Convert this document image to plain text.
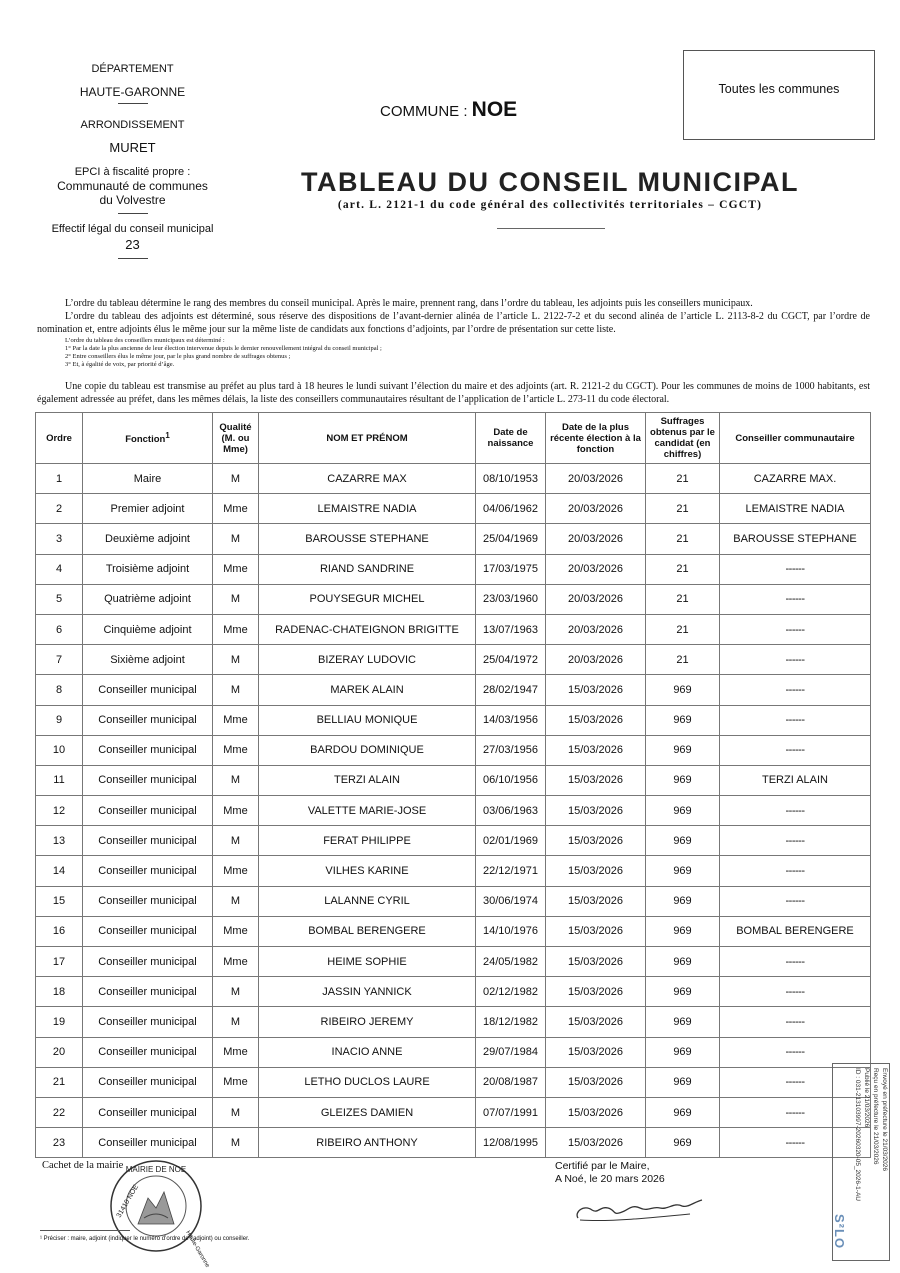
DÉPARTEMENT
HAUTE-GARONNE
ARRONDISSEMENT
MURET
EPCI à fiscalité propre :
Communauté de communes
du Volvestre
Effectif légal du conseil municipal
23
Toutes les communes
COMMUNE : NOE
TABLEAU DU CONSEIL MUNICIPAL
(art. L. 2121-1 du code général des collectivités territoriales – CGCT)
L’ordre du tableau détermine le rang des membres du conseil municipal. Après le maire, prennent rang, dans l’ordre du tableau, les adjoints puis les conseillers municipaux.
L’ordre du tableau des adjoints est déterminé, sous réserve des dispositions de l’avant-dernier alinéa de l’article L. 2122-7-2 et du second alinéa de l’article L. 2113-8-2 du CGCT, par l’ordre de nomination et, entre adjoints élus le même jour sur la même liste de candidats aux fonctions d’adjoints, par l’ordre de présentation sur cette liste.
L’ordre du tableau des conseillers municipaux est déterminé :
1° Par la date la plus ancienne de leur élection intervenue depuis le dernier renouvellement intégral du conseil municipal ;
2° Entre conseillers élus le même jour, par le plus grand nombre de suffrages obtenus ;
3° Et, à égalité de voix, par priorité d’âge.
Une copie du tableau est transmise au préfet au plus tard à 18 heures le lundi suivant l’élection du maire et des adjoints (art. R. 2121-2 du CGCT). Pour les communes de moins de 1000 habitants, est également adressée au préfet, dans les mêmes délais, la liste des conseillers communautaires résultant de l’application de l’article L. 273-11 du code électoral.
Ordre	Fonction$^1$	Qualité (M. ou Mme)	NOM ET PRÉNOM	Date de naissance	Date de la plus récente élection à la fonction	Suffrages obtenus par le candidat (en chiffres)	Conseiller communautaire
1	Maire	M	CAZARRE MAX	08/10/1953	20/03/2026	21	CAZARRE MAX.
2	Premier adjoint	Mme	LEMAISTRE NADIA	04/06/1962	20/03/2026	21	LEMAISTRE NADIA
3	Deuxième adjoint	M	BAROUSSE STEPHANE	25/04/1969	20/03/2026	21	BAROUSSE STEPHANE
4	Troisième adjoint	Mme	RIAND SANDRINE	17/03/1975	20/03/2026	21	------
5	Quatrième adjoint	M	POUYSEGUR MICHEL	23/03/1960	20/03/2026	21	------
6	Cinquième adjoint	Mme	RADENAC-CHATEIGNON BRIGITTE	13/07/1963	20/03/2026	21	------
7	Sixième adjoint	M	BIZERAY LUDOVIC	25/04/1972	20/03/2026	21	------
8	Conseiller municipal	M	MAREK ALAIN	28/02/1947	15/03/2026	969	------
9	Conseiller municipal	Mme	BELLIAU MONIQUE	14/03/1956	15/03/2026	969	------
10	Conseiller municipal	Mme	BARDOU DOMINIQUE	27/03/1956	15/03/2026	969	------
11	Conseiller municipal	M	TERZI ALAIN	06/10/1956	15/03/2026	969	TERZI ALAIN
12	Conseiller municipal	Mme	VALETTE MARIE-JOSE	03/06/1963	15/03/2026	969	------
13	Conseiller municipal	M	FERAT PHILIPPE	02/01/1969	15/03/2026	969	------
14	Conseiller municipal	Mme	VILHES KARINE	22/12/1971	15/03/2026	969	------
15	Conseiller municipal	M	LALANNE CYRIL	30/06/1974	15/03/2026	969	------
16	Conseiller municipal	Mme	BOMBAL BERENGERE	14/10/1976	15/03/2026	969	BOMBAL BERENGERE
17	Conseiller municipal	Mme	HEIME SOPHIE	24/05/1982	15/03/2026	969	------
18	Conseiller municipal	M	JASSIN YANNICK	02/12/1982	15/03/2026	969	------
19	Conseiller municipal	M	RIBEIRO JEREMY	18/12/1982	15/03/2026	969	------
20	Conseiller municipal	Mme	INACIO ANNE	29/07/1984	15/03/2026	969	------
21	Conseiller municipal	Mme	LETHO DUCLOS LAURE	20/08/1987	15/03/2026	969	------
22	Conseiller municipal	M	GLEIZES DAMIEN	07/07/1991	15/03/2026	969	------
23	Conseiller municipal	M	RIBEIRO ANTHONY	12/08/1995	15/03/2026	969	------
Cachet de la mairie MAIRIE DE NOE
31410 NOE
Haute-Garonne
Certifié par le Maire,
A Noé, le 20 mars 2026
¹ Préciser : maire, adjoint (indiquer le numéro d’ordre de l’adjoint) ou conseiller.
Envoyé en préfecture le 21/03/2026
Reçu en préfecture le 21/03/2026
Publié le 21/03/2026
ID : 031-213103997-20260320-05_2026-1-AU
S²LO
